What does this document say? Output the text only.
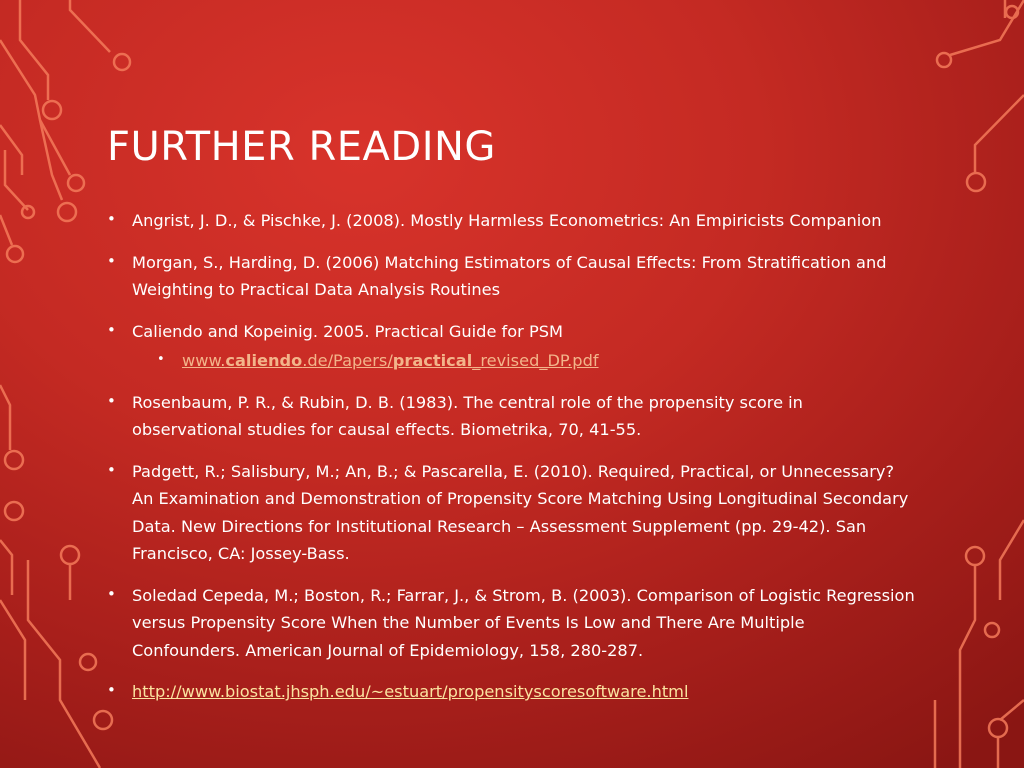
FURTHER READING
• Angrist, J. D., & Pischke, J. (2008). Mostly Harmless Econometrics: An Empiricists Companion
• Morgan, S., Harding, D. (2006) Matching Estimators of Causal Effects: From Stratification and Weighting to Practical Data Analysis Routines
• Caliendo and Kopeinig. 2005. Practical Guide for PSM
• www.caliendo.de/Papers/practical_revised_DP.pdf
• Rosenbaum, P. R., & Rubin, D. B. (1983). The central role of the propensity score in observational studies for causal effects. Biometrika, 70, 41-55.
• Padgett, R.; Salisbury, M.; An, B.; & Pascarella, E. (2010). Required, Practical, or Unnecessary? An Examination and Demonstration of Propensity Score Matching Using Longitudinal Secondary Data. New Directions for Institutional Research – Assessment Supplement (pp. 29-42). San Francisco, CA: Jossey-Bass.
• Soledad Cepeda, M.; Boston, R.; Farrar, J., & Strom, B. (2003). Comparison of Logistic Regression versus Propensity Score When the Number of Events Is Low and There Are Multiple Confounders. American Journal of Epidemiology, 158, 280-287.
• http://www.biostat.jhsph.edu/~estuart/propensityscoresoftware.html
